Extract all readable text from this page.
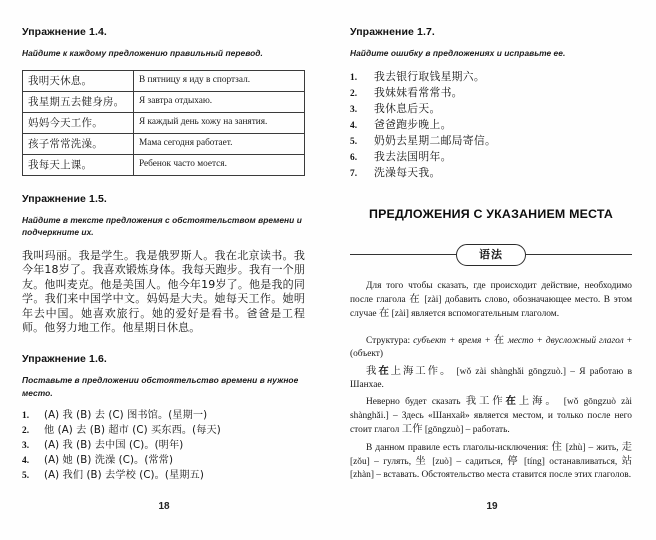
Упражнение 1.4.
Найдите к каждому предложению правильный перевод.
我明天休息。	В пятницу я иду в спортзал.
我星期五去健身房。	Я завтра отдыхаю.
妈妈今天工作。	Я каждый день хожу на занятия.
孩子常常洗澡。	Мама сегодня работает.
我每天上课。	Ребенок часто моется.
Упражнение 1.5.
Найдите в тексте предложения с обстоятельством времени и подчеркните их.

我叫玛丽。我是学生。我是俄罗斯人。我在北京读书。我今年18岁了。我喜欢锻炼身体。我每天跑步。我有一个朋友。他叫麦克。他是美国人。他今年19岁了。他是我的同学。我们来中国学中文。妈妈是大夫。她每天工作。她明年去中国。她喜欢旅行。她的爱好是看书。爸爸是工程师。他努力地工作。他星期日休息。

Упражнение 1.6.
Поставьте в предложении обстоятельство времени в нужное место.
1.	(A) 我 (B) 去 (C) 图书馆。(星期一)
2.	他 (A) 去 (B) 超市 (C) 买东西。(每天)
3.	(A) 我 (B) 去中国 (C)。(明年)
4.	(A) 她 (B) 洗澡 (C)。(常常)
5.	(A) 我们 (B) 去学校 (C)。(星期五)
18
Упражнение 1.7.
Найдите ошибку в предложениях и исправьте ее.
1.	我去银行取钱星期六。
2.	我妹妹看常常书。
3.	我休息后天。
4.	爸爸跑步晚上。
5.	奶奶去星期二邮局寄信。
6.	我去法国明年。
7.	洗澡每天我。
ПРЕДЛОЖЕНИЯ С УКАЗАНИЕМ МЕСТА
语法

Для того чтобы сказать, где происходит действие, необходимо после глагола 在 [zài] добавить слово, обозначающее место. В этом случае 在 [zài] является вспомогательным глаголом.

Структура: субъект + время + 在 место + двусложный глагол + (объект)

我在上海工作。 [wǒ zài shànghǎi gōngzuò.] – Я работаю в Шанхае.

Неверно будет сказать 我工作在上海。 [wǒ gōngzuò zài shànghǎi.] – Здесь «Шанхай» является местом, и только после него стоит глагол 工作 [gōngzuò] – работать.

В данном правиле есть глаголы-исключения: 住 [zhù] – жить, 走 [zǒu] – гулять, 坐 [zuò] – садиться, 停 [tíng] останавливаться, 站 [zhàn] – вставать. Обстоятельство места ставится после этих глаголов.

19
